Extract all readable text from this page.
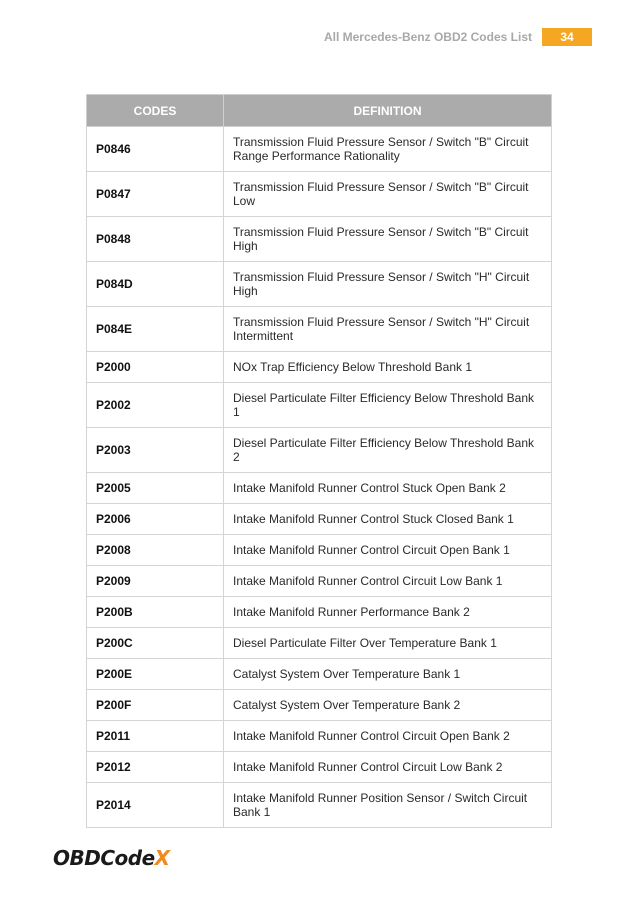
All Mercedes-Benz OBD2 Codes List	34
CODES	DEFINITION
P0846	Transmission Fluid Pressure Sensor / Switch "B" Circuit Range Performance Rationality
P0847	Transmission Fluid Pressure Sensor / Switch "B" Circuit Low
P0848	Transmission Fluid Pressure Sensor / Switch "B" Circuit High
P084D	Transmission Fluid Pressure Sensor / Switch "H" Circuit High
P084E	Transmission Fluid Pressure Sensor / Switch "H" Circuit Intermittent
P2000	NOx Trap Efficiency Below Threshold Bank 1
P2002	Diesel Particulate Filter Efficiency Below Threshold Bank 1
P2003	Diesel Particulate Filter Efficiency Below Threshold Bank 2
P2005	Intake Manifold Runner Control Stuck Open Bank 2
P2006	Intake Manifold Runner Control Stuck Closed Bank 1
P2008	Intake Manifold Runner Control Circuit Open Bank 1
P2009	Intake Manifold Runner Control Circuit Low Bank 1
P200B	Intake Manifold Runner Performance Bank 2
P200C	Diesel Particulate Filter Over Temperature Bank 1
P200E	Catalyst System Over Temperature Bank 1
P200F	Catalyst System Over Temperature Bank 2
P2011	Intake Manifold Runner Control Circuit Open Bank 2
P2012	Intake Manifold Runner Control Circuit Low Bank 2
P2014	Intake Manifold Runner Position Sensor / Switch Circuit Bank 1
OBDCode X
